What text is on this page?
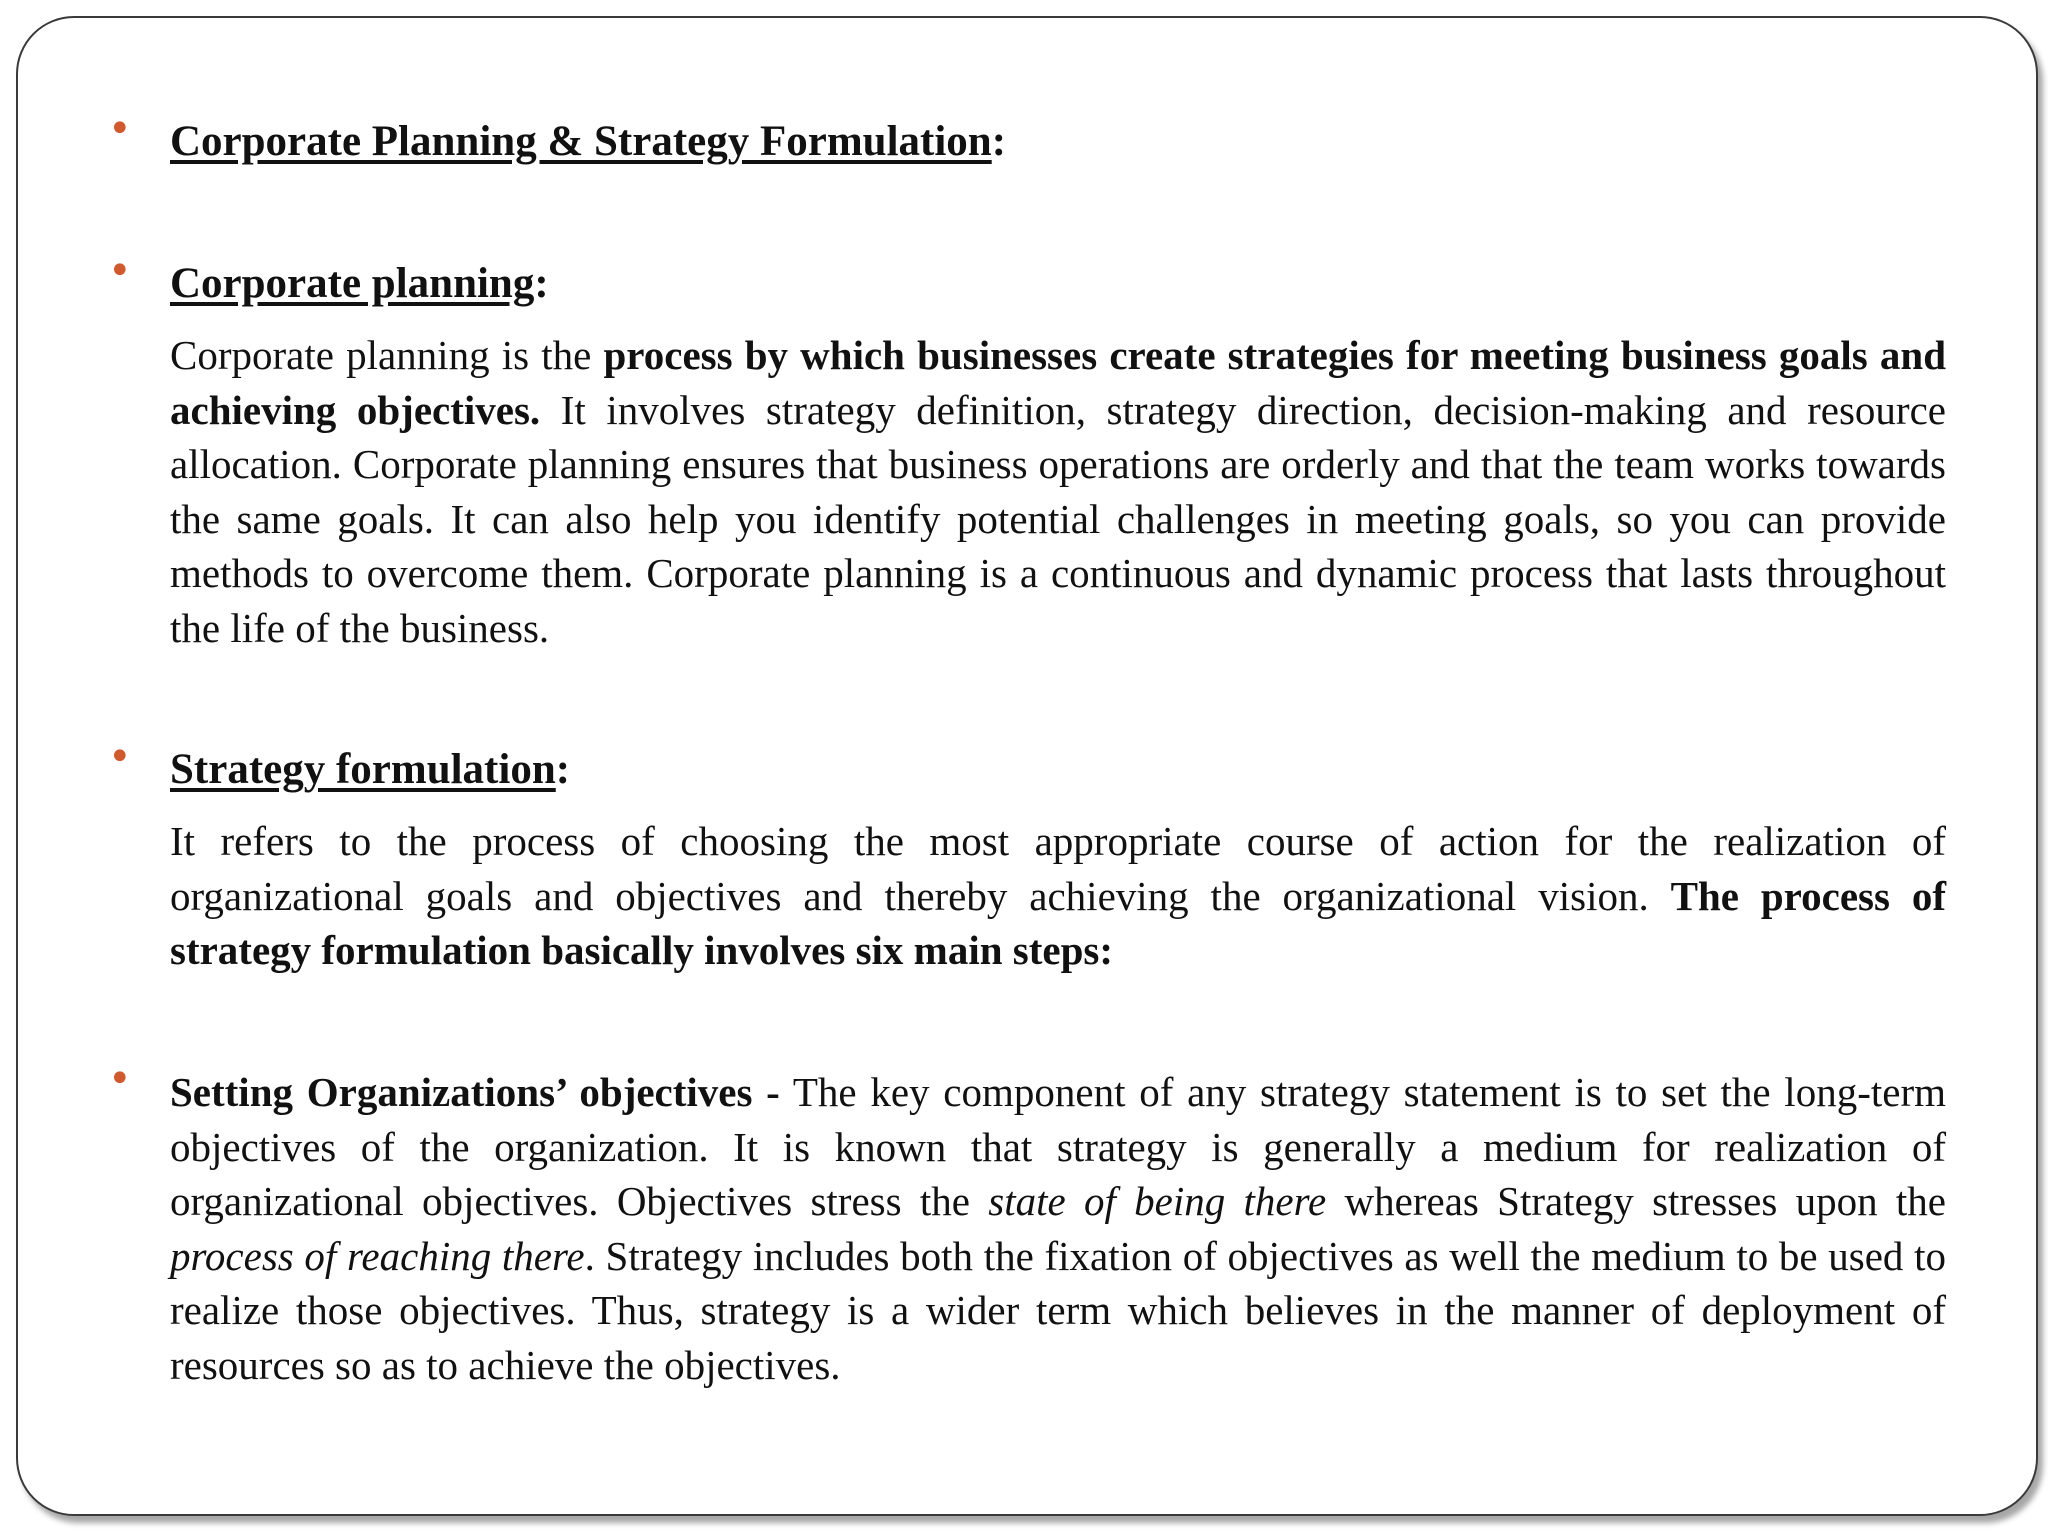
• Corporate Planning & Strategy Formulation:
• Corporate planning:
Corporate planning is the process by which businesses create strategies for meeting business goals and achieving objectives. It involves strategy definition, strategy direction, decision-making and resource allocation. Corporate planning ensures that business operations are orderly and that the team works towards the same goals. It can also help you identify potential challenges in meeting goals, so you can provide methods to overcome them. Corporate planning is a continuous and dynamic process that lasts throughout the life of the business.
• Strategy formulation:
It refers to the process of choosing the most appropriate course of action for the realization of organizational goals and objectives and thereby achieving the organizational vision. The process of strategy formulation basically involves six main steps:
• Setting Organizations’ objectives - The key component of any strategy statement is to set the long-term objectives of the organization. It is known that strategy is generally a medium for realization of organizational objectives. Objectives stress the state of being there whereas Strategy stresses upon the process of reaching there. Strategy includes both the fixation of objectives as well the medium to be used to realize those objectives. Thus, strategy is a wider term which believes in the manner of deployment of resources so as to achieve the objectives.
